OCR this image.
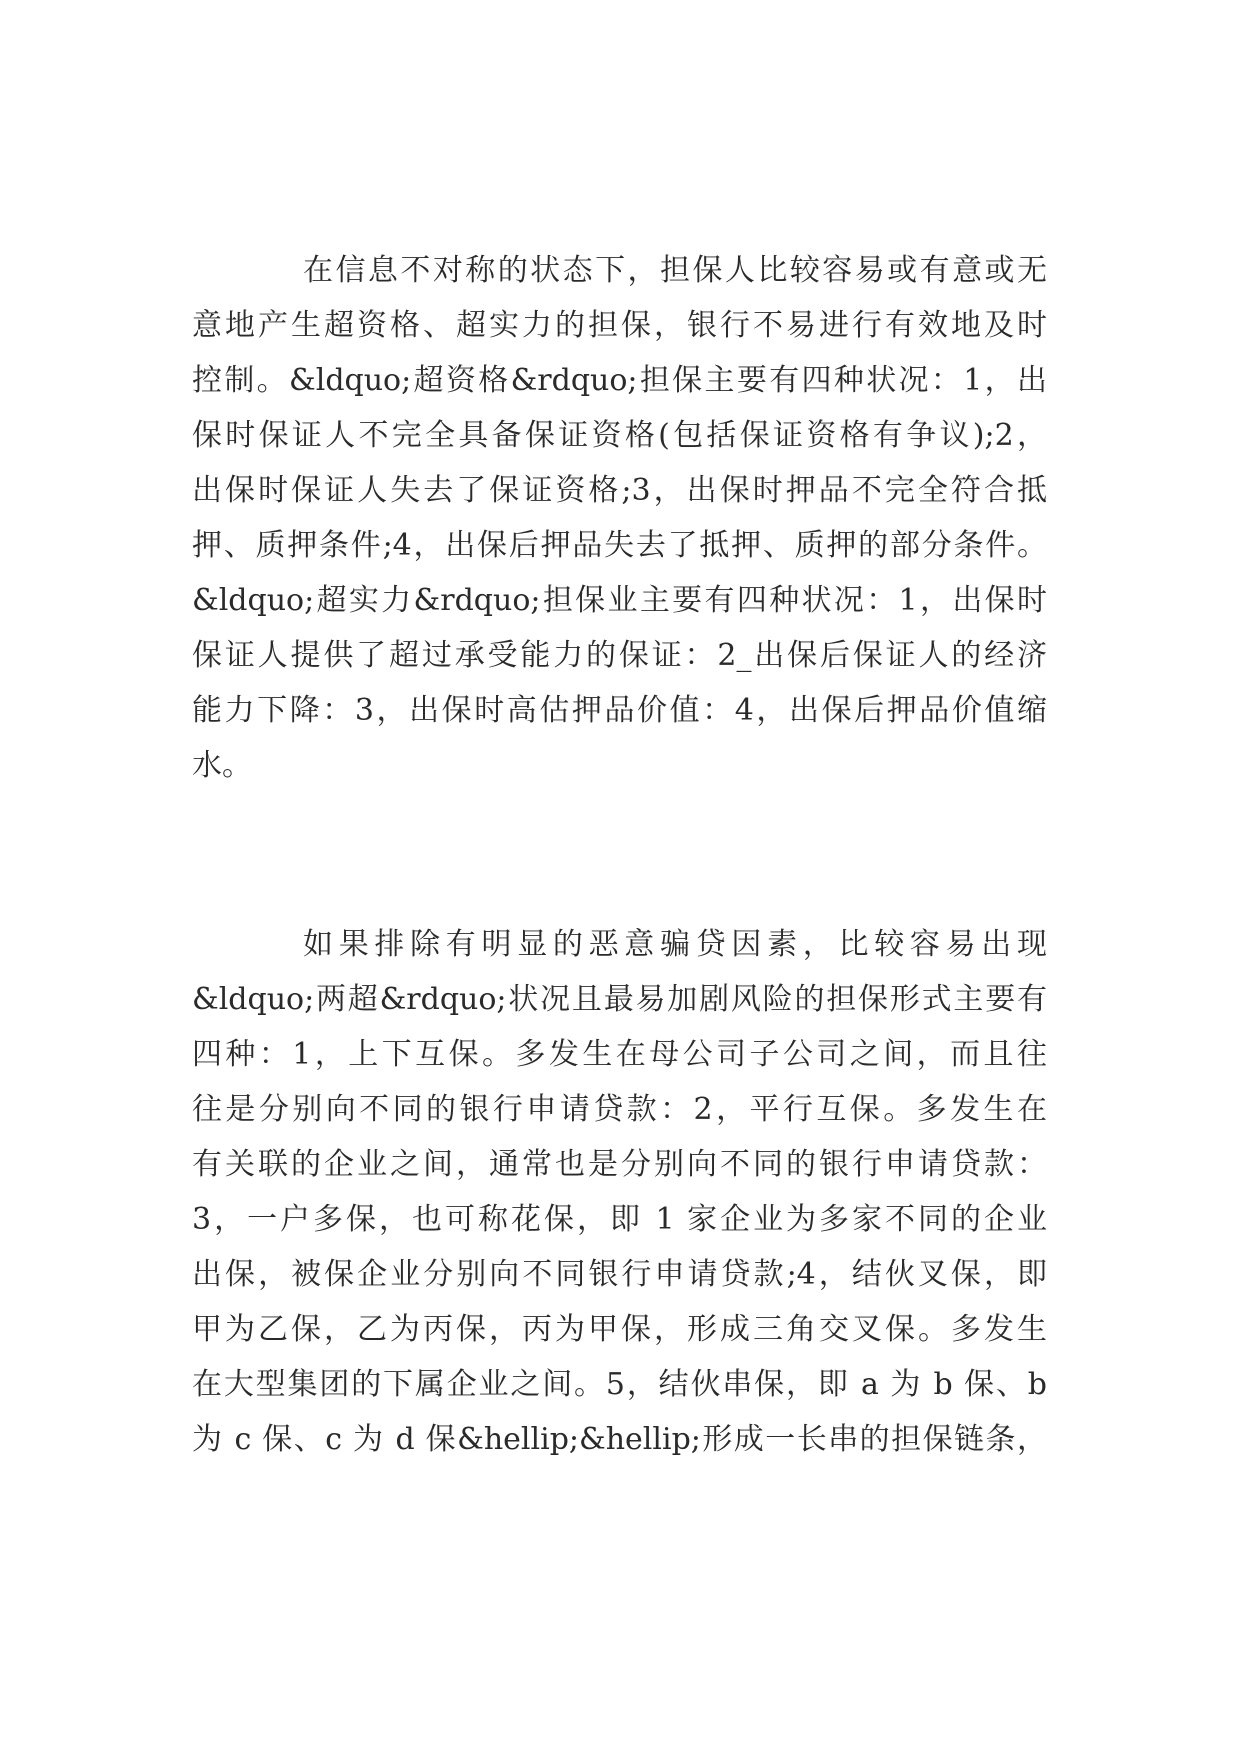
在信息不对称的状态下，担保人比较容易或有意或无
意地产生超资格、超实力的担保，银行不易进行有效地及时
控制。&ldquo;超资格&rdquo;担保主要有四种状况：1，出
保时保证人不完全具备保证资格(包括保证资格有争议);2，
出保时保证人失去了保证资格;3，出保时押品不完全符合抵
押、质押条件;4，出保后押品失去了抵押、质押的部分条件。
&ldquo;超实力&rdquo;担保业主要有四种状况：1，出保时
保证人提供了超过承受能力的保证：2_出保后保证人的经济
能力下降：3，出保时高估押品价值：4，出保后押品价值缩
水。
如果排除有明显的恶意骗贷因素，比较容易出现
&ldquo;两超&rdquo;状况且最易加剧风险的担保形式主要有
四种：1，上下互保。多发生在母公司子公司之间，而且往
往是分别向不同的银行申请贷款：2，平行互保。多发生在
有关联的企业之间，通常也是分别向不同的银行申请贷款：
3，一户多保，也可称花保，即 1 家企业为多家不同的企业
出保，被保企业分别向不同银行申请贷款;4，结伙叉保，即
甲为乙保，乙为丙保，丙为甲保，形成三角交叉保。多发生
在大型集团的下属企业之间。5，结伙串保，即 a 为 b 保、b
为 c 保、c 为 d 保&hellip;&hellip;形成一长串的担保链条，
